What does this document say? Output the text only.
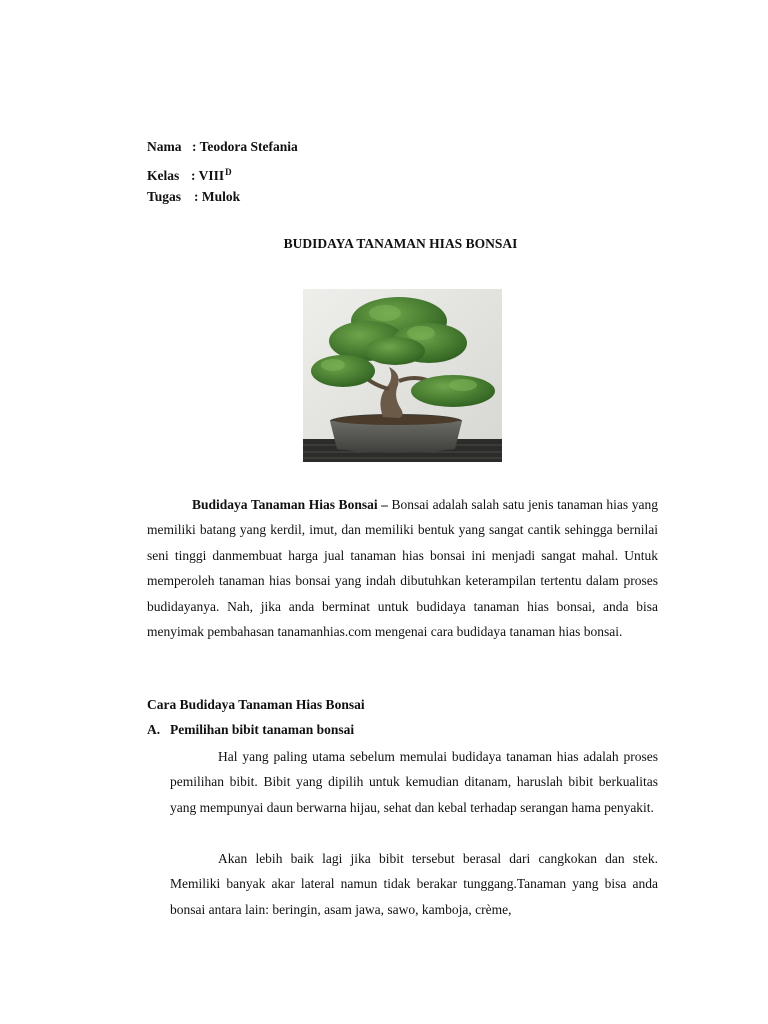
Nama : Teodora Stefania
Kelas : $VIII^D$
Tugas : Mulok
BUDIDAYA TANAMAN HIAS BONSAI

Budidaya Tanaman Hias Bonsai – Bonsai adalah salah satu jenis tanaman hias yang memiliki batang yang kerdil, imut, dan memiliki bentuk yang sangat cantik sehingga bernilai seni tinggi danmembuat harga jual tanaman hias bonsai ini menjadi sangat mahal. Untuk memperoleh tanaman hias bonsai yang indah dibutuhkan keterampilan tertentu dalam proses budidayanya. Nah, jika anda berminat untuk budidaya tanaman hias bonsai, anda bisa menyimak pembahasan tanamanhias.com mengenai cara budidaya tanaman hias bonsai.

Cara Budidaya Tanaman Hias Bonsai
A. Pemilihan bibit tanaman bonsai

Hal yang paling utama sebelum memulai budidaya tanaman hias adalah proses pemilihan bibit. Bibit yang dipilih untuk kemudian ditanam, haruslah bibit berkualitas yang mempunyai daun berwarna hijau, sehat dan kebal terhadap serangan hama penyakit.

Akan lebih baik lagi jika bibit tersebut berasal dari cangkokan dan stek. Memiliki banyak akar lateral namun tidak berakar tunggang.Tanaman yang bisa anda bonsai antara lain: beringin, asam jawa, sawo, kamboja, crème,
